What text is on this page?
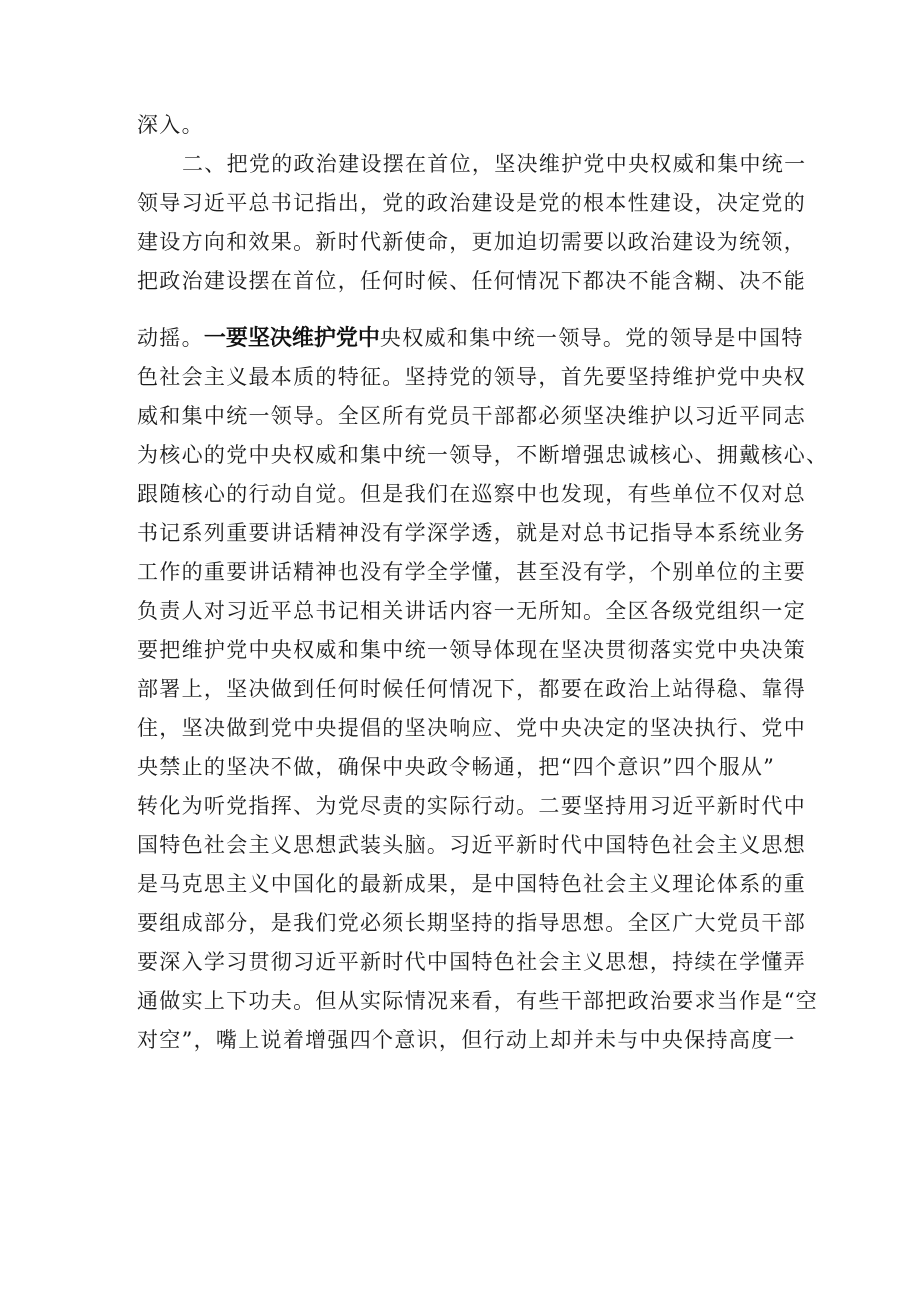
深入。
二、把党的政治建设摆在首位，坚决维护党中央权威和集中统一
领导习近平总书记指出，党的政治建设是党的根本性建设，决定党的
建设方向和效果。新时代新使命，更加迫切需要以政治建设为统领，
把政治建设摆在首位，任何时候、任何情况下都决不能含糊、决不能
动摇。一要坚决维护党中央权威和集中统一领导。党的领导是中国特
色社会主义最本质的特征。坚持党的领导，首先要坚持维护党中央权
威和集中统一领导。全区所有党员干部都必须坚决维护以习近平同志
为核心的党中央权威和集中统一领导，不断增强忠诚核心、拥戴核心、
跟随核心的行动自觉。但是我们在巡察中也发现，有些单位不仅对总
书记系列重要讲话精神没有学深学透，就是对总书记指导本系统业务
工作的重要讲话精神也没有学全学懂，甚至没有学，个别单位的主要
负责人对习近平总书记相关讲话内容一无所知。全区各级党组织一定
要把维护党中央权威和集中统一领导体现在坚决贯彻落实党中央决策
部署上，坚决做到任何时候任何情况下，都要在政治上站得稳、靠得
住，坚决做到党中央提倡的坚决响应、党中央决定的坚决执行、党中
央禁止的坚决不做，确保中央政令畅通，把“四个意识”四个服从”
转化为听党指挥、为党尽责的实际行动。二要坚持用习近平新时代中
国特色社会主义思想武装头脑。习近平新时代中国特色社会主义思想
是马克思主义中国化的最新成果，是中国特色社会主义理论体系的重
要组成部分，是我们党必须长期坚持的指导思想。全区广大党员干部
要深入学习贯彻习近平新时代中国特色社会主义思想，持续在学懂弄
通做实上下功夫。但从实际情况来看，有些干部把政治要求当作是“空
对空”，嘴上说着增强四个意识，但行动上却并未与中央保持高度一
